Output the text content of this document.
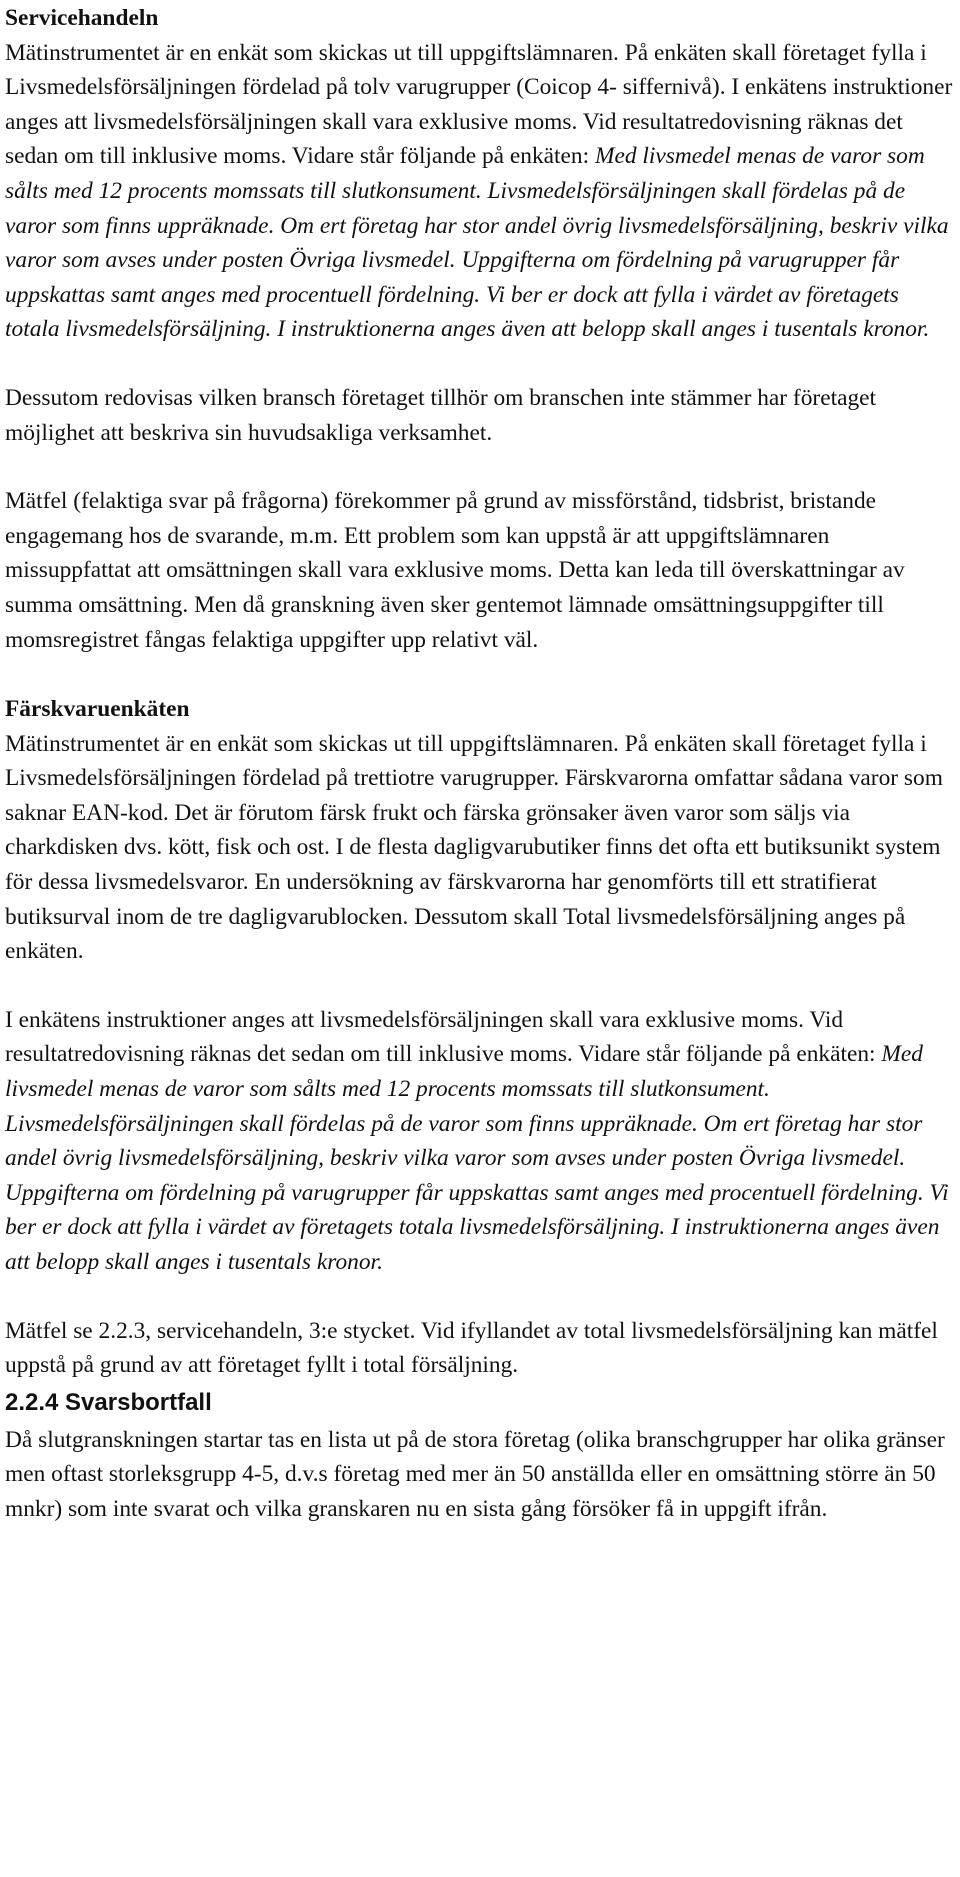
Servicehandeln

Mätinstrumentet är en enkät som skickas ut till uppgiftslämnaren. På enkäten skall företaget fylla i Livsmedelsförsäljningen fördelad på tolv varugrupper (Coicop 4- siffernivå). I enkätens instruktioner anges att livsmedelsförsäljningen skall vara exklusive moms. Vid resultatredovisning räknas det sedan om till inklusive moms. Vidare står följande på enkäten: Med livsmedel menas de varor som sålts med 12 procents momssats till slutkonsument. Livsmedelsförsäljningen skall fördelas på de varor som finns uppräknade. Om ert företag har stor andel övrig livsmedelsförsäljning, beskriv vilka varor som avses under posten Övriga livsmedel. Uppgifterna om fördelning på varugrupper får uppskattas samt anges med procentuell fördelning. Vi ber er dock att fylla i värdet av företagets totala livsmedelsförsäljning. I instruktionerna anges även att belopp skall anges i tusentals kronor.

Dessutom redovisas vilken bransch företaget tillhör om branschen inte stämmer har företaget möjlighet att beskriva sin huvudsakliga verksamhet.

Mätfel (felaktiga svar på frågorna) förekommer på grund av missförstånd, tidsbrist, bristande engagemang hos de svarande, m.m. Ett problem som kan uppstå är att uppgiftslämnaren missuppfattat att omsättningen skall vara exklusive moms. Detta kan leda till överskattningar av summa omsättning. Men då granskning även sker gentemot lämnade omsättningsuppgifter till momsregistret fångas felaktiga uppgifter upp relativt väl.

Färskvaruenkäten

Mätinstrumentet är en enkät som skickas ut till uppgiftslämnaren. På enkäten skall företaget fylla i Livsmedelsförsäljningen fördelad på trettiotre varugrupper. Färskvarorna omfattar sådana varor som saknar EAN-kod. Det är förutom färsk frukt och färska grönsaker även varor som säljs via charkdisken dvs. kött, fisk och ost. I de flesta dagligvarubutiker finns det ofta ett butiksunikt system för dessa livsmedelsvaror. En undersökning av färskvarorna har genomförts till ett stratifierat butiksurval inom de tre dagligvarublocken. Dessutom skall Total livsmedelsförsäljning anges på enkäten.

I enkätens instruktioner anges att livsmedelsförsäljningen skall vara exklusive moms. Vid resultatredovisning räknas det sedan om till inklusive moms. Vidare står följande på enkäten: Med livsmedel menas de varor som sålts med 12 procents momssats till slutkonsument. Livsmedelsförsäljningen skall fördelas på de varor som finns uppräknade. Om ert företag har stor andel övrig livsmedelsförsäljning, beskriv vilka varor som avses under posten Övriga livsmedel. Uppgifterna om fördelning på varugrupper får uppskattas samt anges med procentuell fördelning. Vi ber er dock att fylla i värdet av företagets totala livsmedelsförsäljning. I instruktionerna anges även att belopp skall anges i tusentals kronor.

Mätfel se 2.2.3, servicehandeln, 3:e stycket. Vid ifyllandet av total livsmedelsförsäljning kan mätfel uppstå på grund av att företaget fyllt i total försäljning.

2.2.4 Svarsbortfall

Då slutgranskningen startar tas en lista ut på de stora företag (olika branschgrupper har olika gränser men oftast storleksgrupp 4-5, d.v.s företag med mer än 50 anställda eller en omsättning större än 50 mnkr) som inte svarat och vilka granskaren nu en sista gång försöker få in uppgift ifrån.
